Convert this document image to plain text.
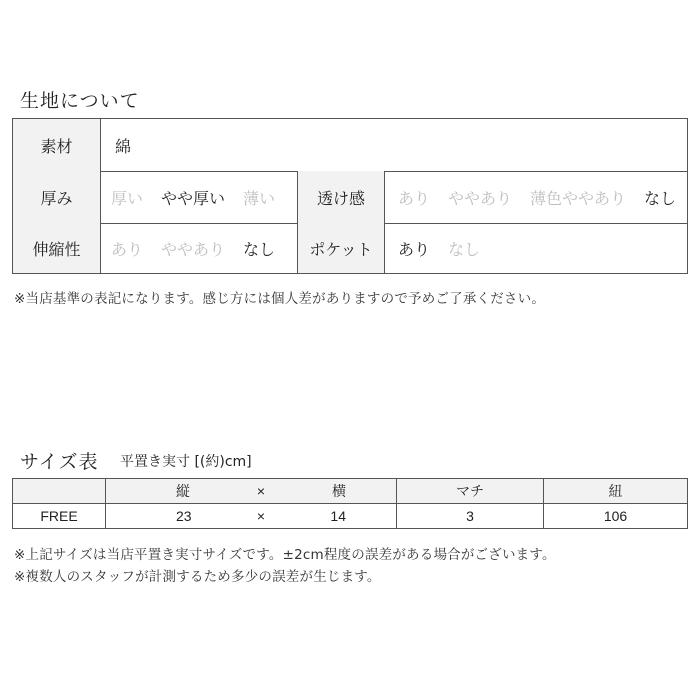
生地について
素材	綿
厚み	厚い やや厚い 薄い	透け感	あり ややあり 薄色ややあり なし
伸縮性	あり ややあり なし	ポケット	あり なし
※当店基準の表記になります。感じ方には個人差がありますので予めご了承ください。
サイズ表 平置き実寸 [(約)cm]

	縦 × 横	マチ	紐
FREE	23 × 14	3	106
※上記サイズは当店平置き実寸サイズです。±2cm程度の誤差がある場合がございます。
※複数人のスタッフが計測するため多少の誤差が生じます。
